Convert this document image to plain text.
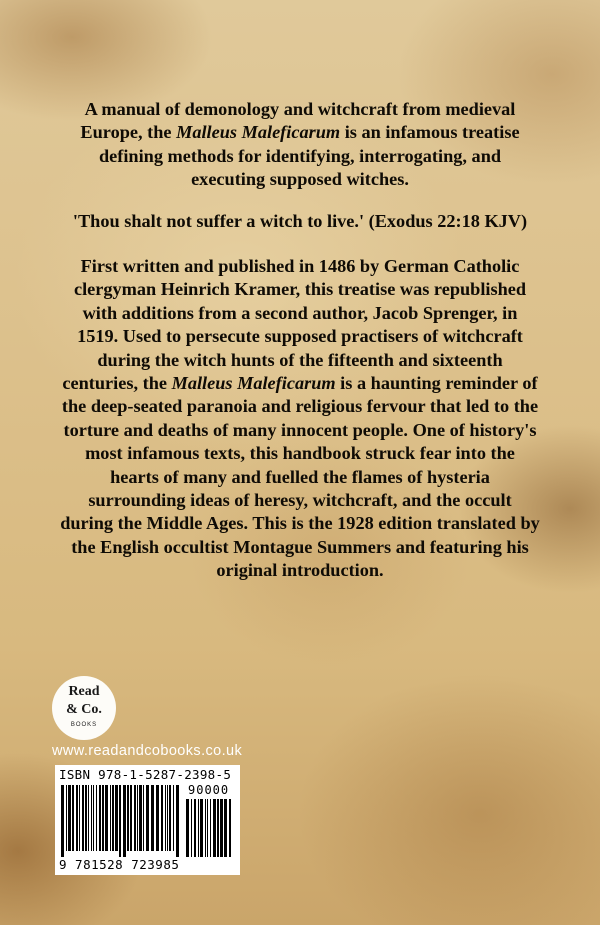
A manual of demonology and witchcraft from medieval Europe, the Malleus Maleficarum is an infamous treatise defining methods for identifying, interrogating, and executing supposed witches.
'Thou shalt not suffer a witch to live.' (Exodus 22:18 KJV)
First written and published in 1486 by German Catholic clergyman Heinrich Kramer, this treatise was republished with additions from a second author, Jacob Sprenger, in 1519. Used to persecute supposed practisers of witchcraft during the witch hunts of the fifteenth and sixteenth centuries, the Malleus Maleficarum is a haunting reminder of the deep-seated paranoia and religious fervour that led to the torture and deaths of many innocent people. One of history's most infamous texts, this handbook struck fear into the hearts of many and fuelled the flames of hysteria surrounding ideas of heresy, witchcraft, and the occult during the Middle Ages. This is the 1928 edition translated by the English occultist Montague Summers and featuring his original introduction.
Read
& Co.
BOOKS
www.readandcobooks.co.uk
ISBN 978-1-5287-2398-5
90000
9 781528 723985
